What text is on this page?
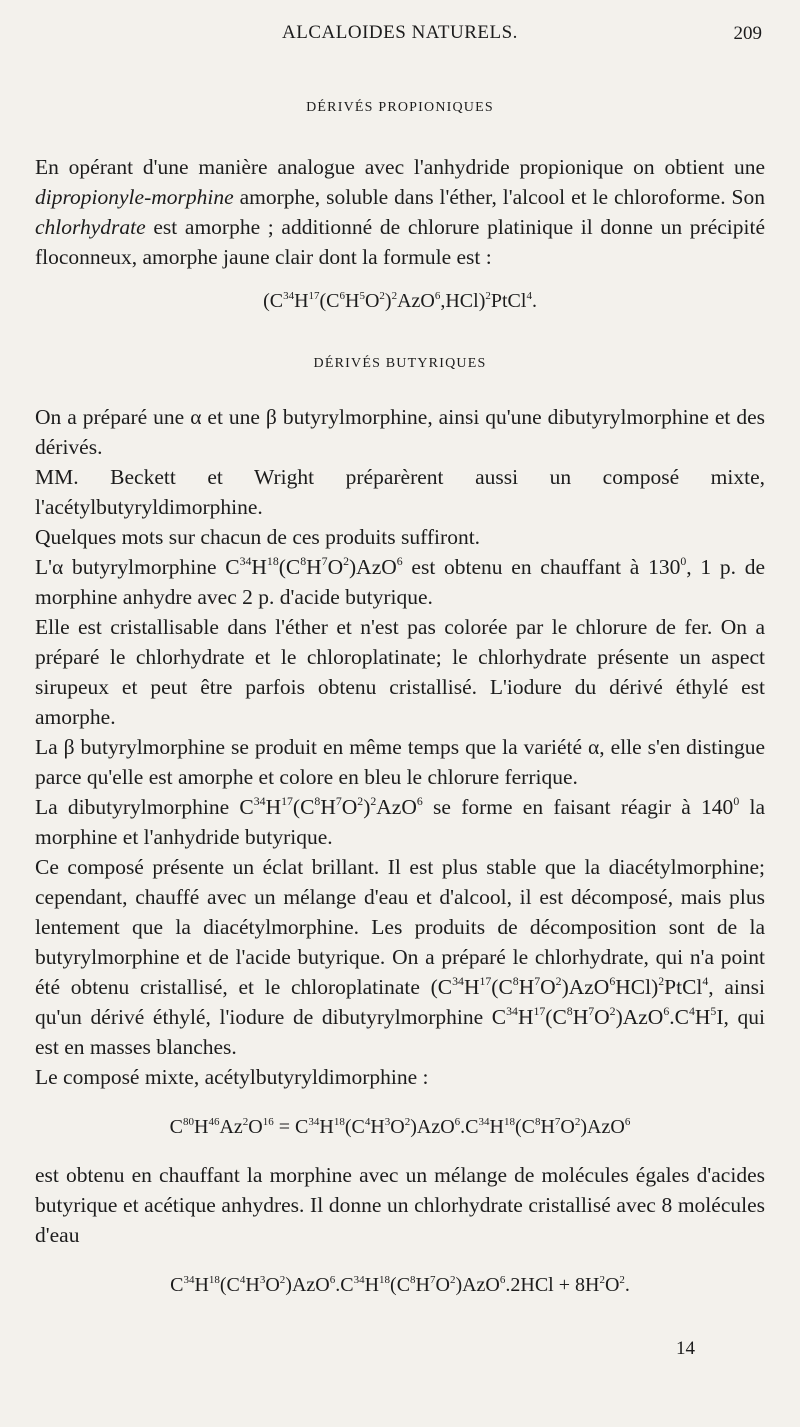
ALCALOIDES NATURELS.	209
DÉRIVÉS PROPIONIQUES

En opérant d'une manière analogue avec l'anhydride propionique on obtient une dipropionyle-morphine amorphe, soluble dans l'éther, l'alcool et le chloroforme. Son chlorhydrate est amorphe ; additionné de chlorure platinique il donne un précipité floconneux, amorphe jaune clair dont la formule est :

$(C^{34}H^{17}(C^6H^5O^2)^2AzO^6,HCl)^2PtCl^4$.
DÉRIVÉS BUTYRIQUES

On a préparé une α et une β butyrylmorphine, ainsi qu'une dibutyrylmorphine et des dérivés.

MM. Beckett et Wright préparèrent aussi un composé mixte, l'acétylbutyryldimorphine.

Quelques mots sur chacun de ces produits suffiront.

L'α butyrylmorphine $C^{34}H^{18}(C^8H^7O^2)AzO^6$ est obtenu en chauffant à $130^0$, 1 p. de morphine anhydre avec 2 p. d'acide butyrique.

Elle est cristallisable dans l'éther et n'est pas colorée par le chlorure de fer. On a préparé le chlorhydrate et le chloroplatinate; le chlorhydrate présente un aspect sirupeux et peut être parfois obtenu cristallisé. L'iodure du dérivé éthylé est amorphe.

La β butyrylmorphine se produit en même temps que la variété α, elle s'en distingue parce qu'elle est amorphe et colore en bleu le chlorure ferrique.

La dibutyrylmorphine $C^{34}H^{17}(C^8H^7O^2)^2AzO^6$ se forme en faisant réagir à $140^0$ la morphine et l'anhydride butyrique.

Ce composé présente un éclat brillant. Il est plus stable que la diacétylmorphine; cependant, chauffé avec un mélange d'eau et d'alcool, il est décomposé, mais plus lentement que la diacétylmorphine. Les produits de décomposition sont de la butyrylmorphine et de l'acide butyrique. On a préparé le chlorhydrate, qui n'a point été obtenu cristallisé, et le chloroplatinate $(C^{34}H^{17}(C^8H^7O^2)AzO^6HCl)^2PtCl^4$, ainsi qu'un dérivé éthylé, l'iodure de dibutyrylmorphine $C^{34}H^{17}(C^8H^7O^2)AzO^6.C^4H^5I$, qui est en masses blanches.

Le composé mixte, acétylbutyryldimorphine :

$C^{80}H^{46}Az^2O^{16} = C^{34}H^{18}(C^4H^3O^2)AzO^6.C^{34}H^{18}(C^8H^7O^2)AzO^6$

est obtenu en chauffant la morphine avec un mélange de molécules égales d'acides butyrique et acétique anhydres. Il donne un chlorhydrate cristallisé avec 8 molécules d'eau

$C^{34}H^{18}(C^4H^3O^2)AzO^6.C^{34}H^{18}(C^8H^7O^2)AzO^6.2HCl + 8H^2O^2$.
14
